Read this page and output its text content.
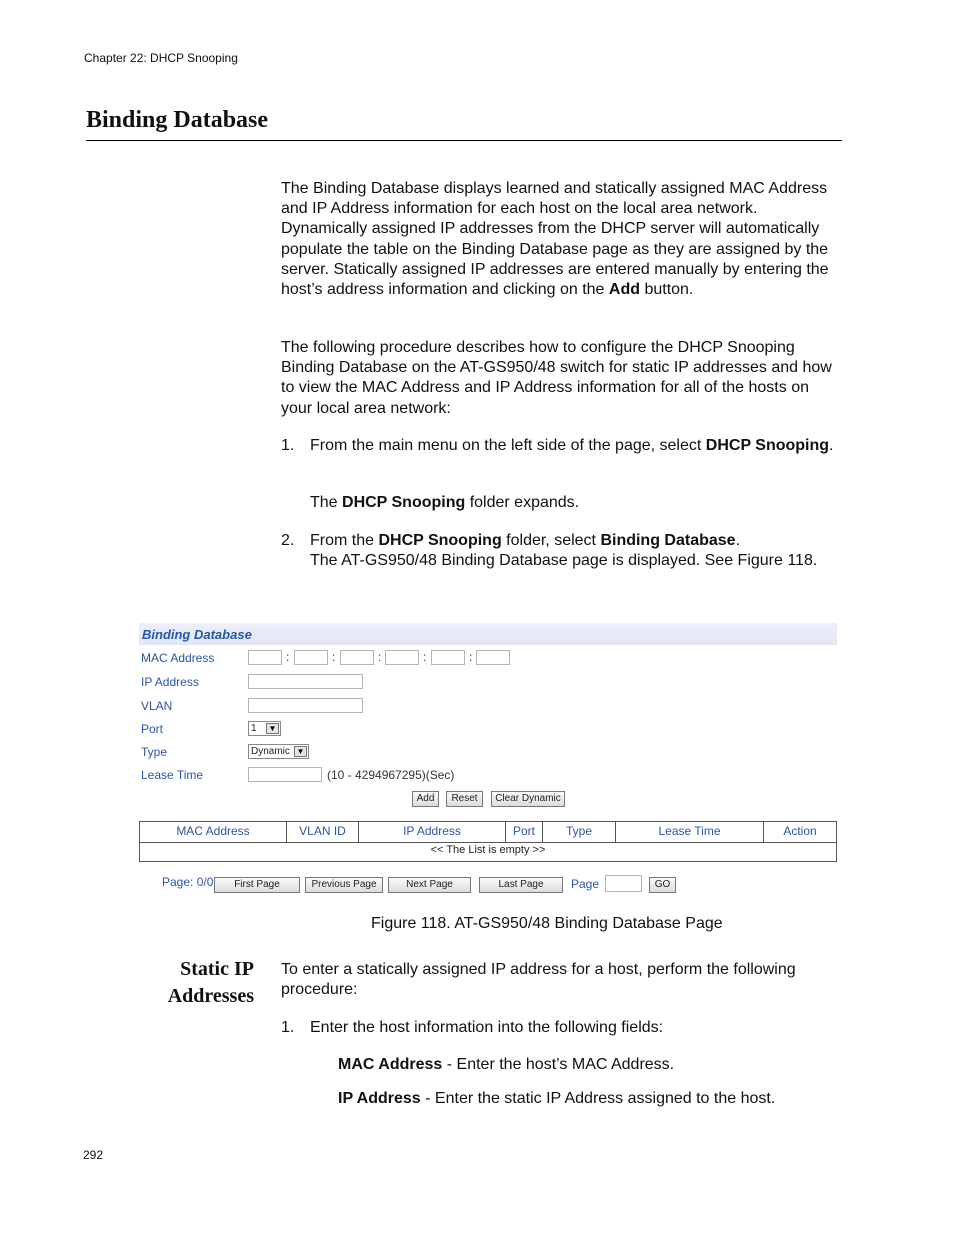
Chapter 22: DHCP Snooping
Binding Database

The Binding Database displays learned and statically assigned MAC Address and IP Address information for each host on the local area network. Dynamically assigned IP addresses from the DHCP server will automatically populate the table on the Binding Database page as they are assigned by the server. Statically assigned IP addresses are entered manually by entering the host’s address information and clicking on the Add button.

The following procedure describes how to configure the DHCP Snooping Binding Database on the AT-GS950/48 switch for static IP addresses and how to view the MAC Address and IP Address information for all of the hosts on your local area network:

1. From the main menu on the left side of the page, select DHCP Snooping.

The DHCP Snooping folder expands.

2. From the DHCP Snooping folder, select Binding Database.
The AT-GS950/48 Binding Database page is displayed. See Figure 118.

Binding Database
MAC Address	:	:	:	:	:
IP Address
VLAN
Port	1	▼
Type	Dynamic ▼
Lease Time	(10 - 4294967295)(Sec)
Add	Reset	Clear Dynamic
MAC Address	VLAN ID	IP Address	Port	Type	Lease Time	Action
<< The List is empty >>
Page: 0/0	First Page	Previous Page	Next Page	Last Page	Page	GO
Figure 118. AT-GS950/48 Binding Database Page
Static IP
Addresses

To enter a statically assigned IP address for a host, perform the following procedure:

1. Enter the host information into the following fields:

MAC Address - Enter the host’s MAC Address.

IP Address - Enter the static IP Address assigned to the host.

292
